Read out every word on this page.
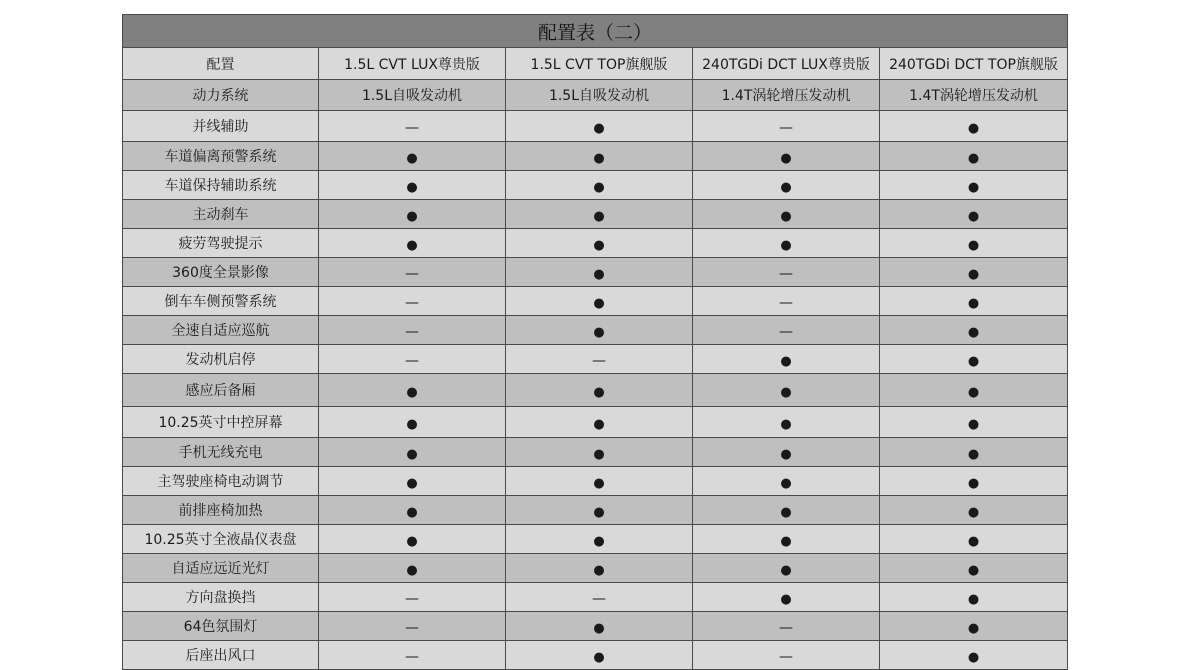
配置表（二）				
配置	1.5L CVT LUX尊贵版	1.5L CVT TOP旗舰版	240TGDi DCT LUX尊贵版	240TGDi DCT TOP旗舰版
动力系统	1.5L自吸发动机	1.5L自吸发动机	1.4T涡轮增压发动机	1.4T涡轮增压发动机
并线辅助	—	●	—	●
车道偏离预警系统	●	●	●	●
车道保持辅助系统	●	●	●	●
主动刹车	●	●	●	●
疲劳驾驶提示	●	●	●	●
360度全景影像	—	●	—	●
倒车车侧预警系统	—	●	—	●
全速自适应巡航	—	●	—	●
发动机启停	—	—	●	●
感应后备厢	●	●	●	●
10.25英寸中控屏幕	●	●	●	●
手机无线充电	●	●	●	●
主驾驶座椅电动调节	●	●	●	●
前排座椅加热	●	●	●	●
10.25英寸全液晶仪表盘	●	●	●	●
自适应远近光灯	●	●	●	●
方向盘换挡	—	—	●	●
64色氛围灯	—	●	—	●
后座出风口	—	●	—	●
